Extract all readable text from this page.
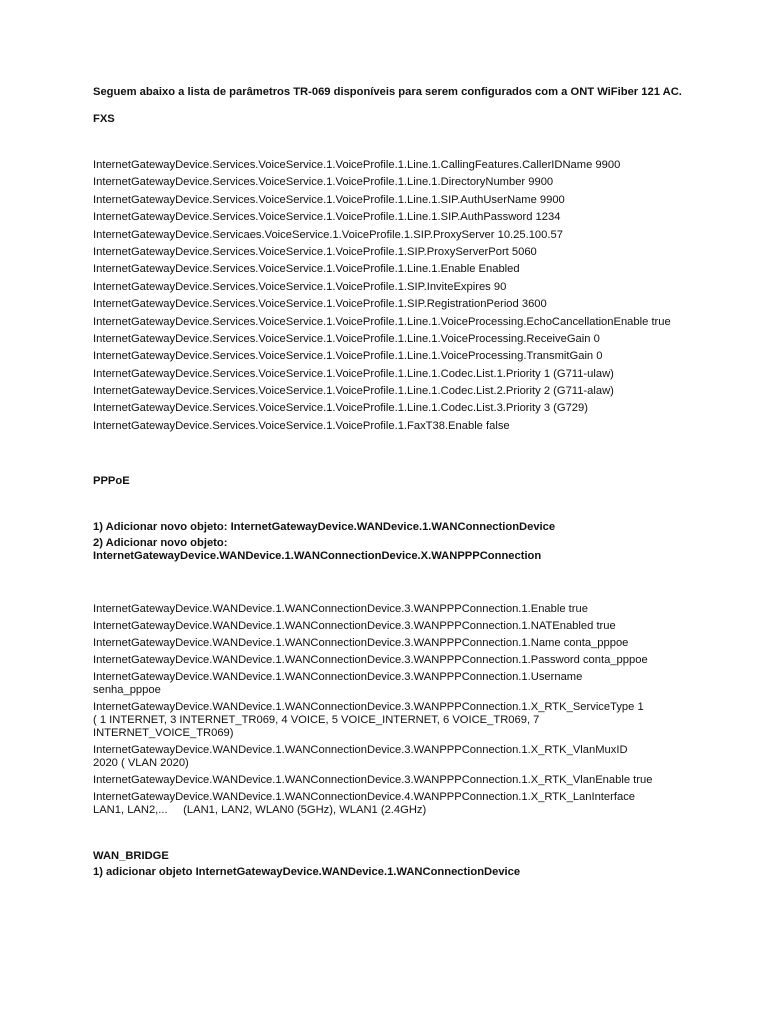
Seguem abaixo a lista de parâmetros TR-069 disponíveis para serem configurados com a ONT WiFiber 121 AC.

FXS

InternetGatewayDevice.Services.VoiceService.1.VoiceProfile.1.Line.1.CallingFeatures.CallerIDName 9900

InternetGatewayDevice.Services.VoiceService.1.VoiceProfile.1.Line.1.DirectoryNumber 9900

InternetGatewayDevice.Services.VoiceService.1.VoiceProfile.1.Line.1.SIP.AuthUserName 9900

InternetGatewayDevice.Services.VoiceService.1.VoiceProfile.1.Line.1.SIP.AuthPassword 1234

InternetGatewayDevice.Servicaes.VoiceService.1.VoiceProfile.1.SIP.ProxyServer 10.25.100.57

InternetGatewayDevice.Services.VoiceService.1.VoiceProfile.1.SIP.ProxyServerPort 5060

InternetGatewayDevice.Services.VoiceService.1.VoiceProfile.1.Line.1.Enable Enabled

InternetGatewayDevice.Services.VoiceService.1.VoiceProfile.1.SIP.InviteExpires 90

InternetGatewayDevice.Services.VoiceService.1.VoiceProfile.1.SIP.RegistrationPeriod 3600

InternetGatewayDevice.Services.VoiceService.1.VoiceProfile.1.Line.1.VoiceProcessing.EchoCancellationEnable true

InternetGatewayDevice.Services.VoiceService.1.VoiceProfile.1.Line.1.VoiceProcessing.ReceiveGain 0

InternetGatewayDevice.Services.VoiceService.1.VoiceProfile.1.Line.1.VoiceProcessing.TransmitGain 0

InternetGatewayDevice.Services.VoiceService.1.VoiceProfile.1.Line.1.Codec.List.1.Priority 1 (G711-ulaw)

InternetGatewayDevice.Services.VoiceService.1.VoiceProfile.1.Line.1.Codec.List.2.Priority 2 (G711-alaw)

InternetGatewayDevice.Services.VoiceService.1.VoiceProfile.1.Line.1.Codec.List.3.Priority 3 (G729)

InternetGatewayDevice.Services.VoiceService.1.VoiceProfile.1.FaxT38.Enable false

PPPoE

1) Adicionar novo objeto: InternetGatewayDevice.WANDevice.1.WANConnectionDevice

2) Adicionar novo objeto:
InternetGatewayDevice.WANDevice.1.WANConnectionDevice.X.WANPPPConnection

InternetGatewayDevice.WANDevice.1.WANConnectionDevice.3.WANPPPConnection.1.Enable true

InternetGatewayDevice.WANDevice.1.WANConnectionDevice.3.WANPPPConnection.1.NATEnabled true

InternetGatewayDevice.WANDevice.1.WANConnectionDevice.3.WANPPPConnection.1.Name conta_pppoe

InternetGatewayDevice.WANDevice.1.WANConnectionDevice.3.WANPPPConnection.1.Password conta_pppoe

InternetGatewayDevice.WANDevice.1.WANConnectionDevice.3.WANPPPConnection.1.Username
senha_pppoe

InternetGatewayDevice.WANDevice.1.WANConnectionDevice.3.WANPPPConnection.1.X_RTK_ServiceType 1
( 1 INTERNET, 3 INTERNET_TR069, 4 VOICE, 5 VOICE_INTERNET, 6 VOICE_TR069, 7
INTERNET_VOICE_TR069)

InternetGatewayDevice.WANDevice.1.WANConnectionDevice.3.WANPPPConnection.1.X_RTK_VlanMuxID
2020 ( VLAN 2020)

InternetGatewayDevice.WANDevice.1.WANConnectionDevice.3.WANPPPConnection.1.X_RTK_VlanEnable true

InternetGatewayDevice.WANDevice.1.WANConnectionDevice.4.WANPPPConnection.1.X_RTK_LanInterface
LAN1, LAN2,...     (LAN1, LAN2, WLAN0 (5GHz), WLAN1 (2.4GHz)

WAN_BRIDGE

1) adicionar objeto InternetGatewayDevice.WANDevice.1.WANConnectionDevice
